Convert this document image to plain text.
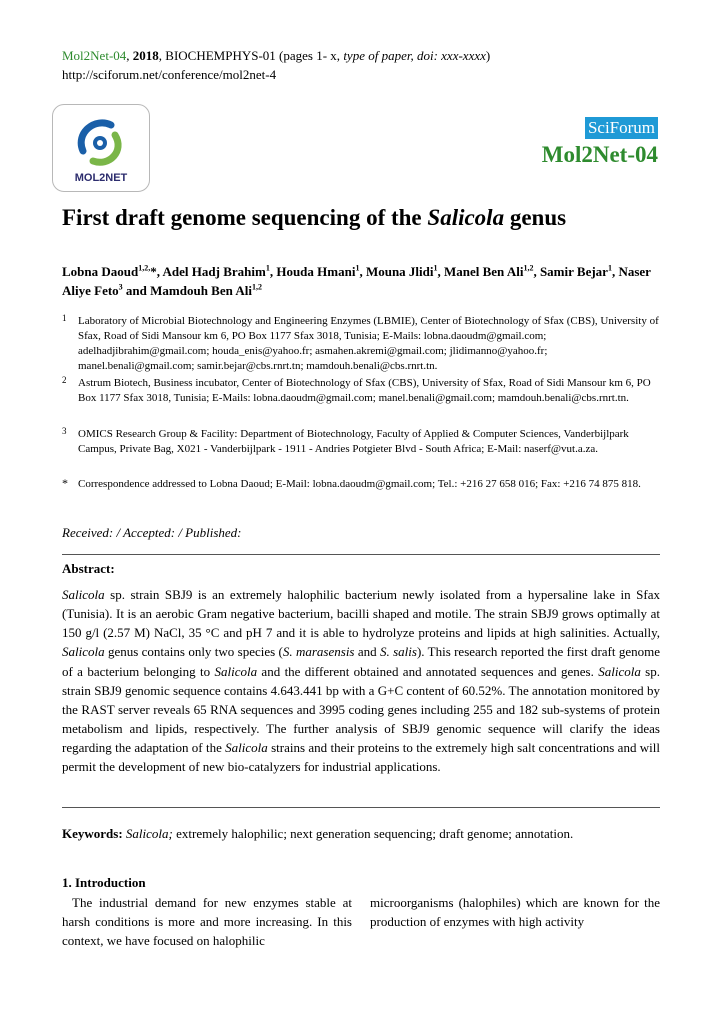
Mol2Net-04, 2018, BIOCHEMPHYS-01 (pages 1- x, type of paper, doi: xxx-xxxx)
http://sciforum.net/conference/mol2net-4
MOL2NET
SciForum
Mol2Net-04
First draft genome sequencing of the Salicola genus
Lobna Daoud$^{1,2,}$*, Adel Hadj Brahim$^1$, Houda Hmani$^1$, Mouna Jlidi$^1$, Manel Ben Ali$^{1,2}$, Samir Bejar$^1$, Naser Aliye Feto$^3$ and Mamdouh Ben Ali$^{1,2}$
1	Laboratory of Microbial Biotechnology and Engineering Enzymes (LBMIE), Center of Biotechnology of Sfax (CBS), University of Sfax, Road of Sidi Mansour km 6, PO Box 1177 Sfax 3018, Tunisia; E-Mails: lobna.daoudm@gmail.com; adelhadjibrahim@gmail.com; houda_enis@yahoo.fr; asmahen.akremi@gmail.com; jlidimanno@yahoo.fr; manel.benali@gmail.com; samir.bejar@cbs.rnrt.tn; mamdouh.benali@cbs.rnrt.tn.
2	Astrum Biotech, Business incubator, Center of Biotechnology of Sfax (CBS), University of Sfax, Road of Sidi Mansour km 6, PO Box 1177 Sfax 3018, Tunisia; E-Mails: lobna.daoudm@gmail.com; manel.benali@gmail.com; mamdouh.benali@cbs.rnrt.tn.
3	OMICS Research Group & Facility: Department of Biotechnology, Faculty of Applied & Computer Sciences, Vanderbijlpark Campus, Private Bag, X021 - Vanderbijlpark - 1911 - Andries Potgieter Blvd - South Africa; E-Mail: naserf@vut.a.za.
* Correspondence addressed to Lobna Daoud; E-Mail: lobna.daoudm@gmail.com; Tel.: +216 27 658 016; Fax: +216 74 875 818.
Received: / Accepted: / Published:
Abstract:
Salicola sp. strain SBJ9 is an extremely halophilic bacterium newly isolated from a hypersaline lake in Sfax (Tunisia). It is an aerobic Gram negative bacterium, bacilli shaped and motile. The strain SBJ9 grows optimally at 150 g/l (2.57 M) NaCl, 35 °C and pH 7 and it is able to hydrolyze proteins and lipids at high salinities. Actually, Salicola genus contains only two species (S. marasensis and S. salis). This research reported the first draft genome of a bacterium belonging to Salicola and the different obtained and annotated sequences and genes. Salicola sp. strain SBJ9 genomic sequence contains 4.643.441 bp with a G+C content of 60.52%. The annotation monitored by the RAST server reveals 65 RNA sequences and 3995 coding genes including 255 and 182 sub-systems of protein metabolism and lipids, respectively. The further analysis of SBJ9 genomic sequence will clarify the ideas regarding the adaptation of the Salicola strains and their proteins to the extremely high salt concentrations and will permit the development of new bio-catalyzers for industrial applications.
Keywords: Salicola; extremely halophilic; next generation sequencing; draft genome; annotation.
1. Introduction
The industrial demand for new enzymes stable at harsh conditions is more and more increasing. In this context, we have focused on halophilic
microorganisms (halophiles) which are known for the production of enzymes with high activity
